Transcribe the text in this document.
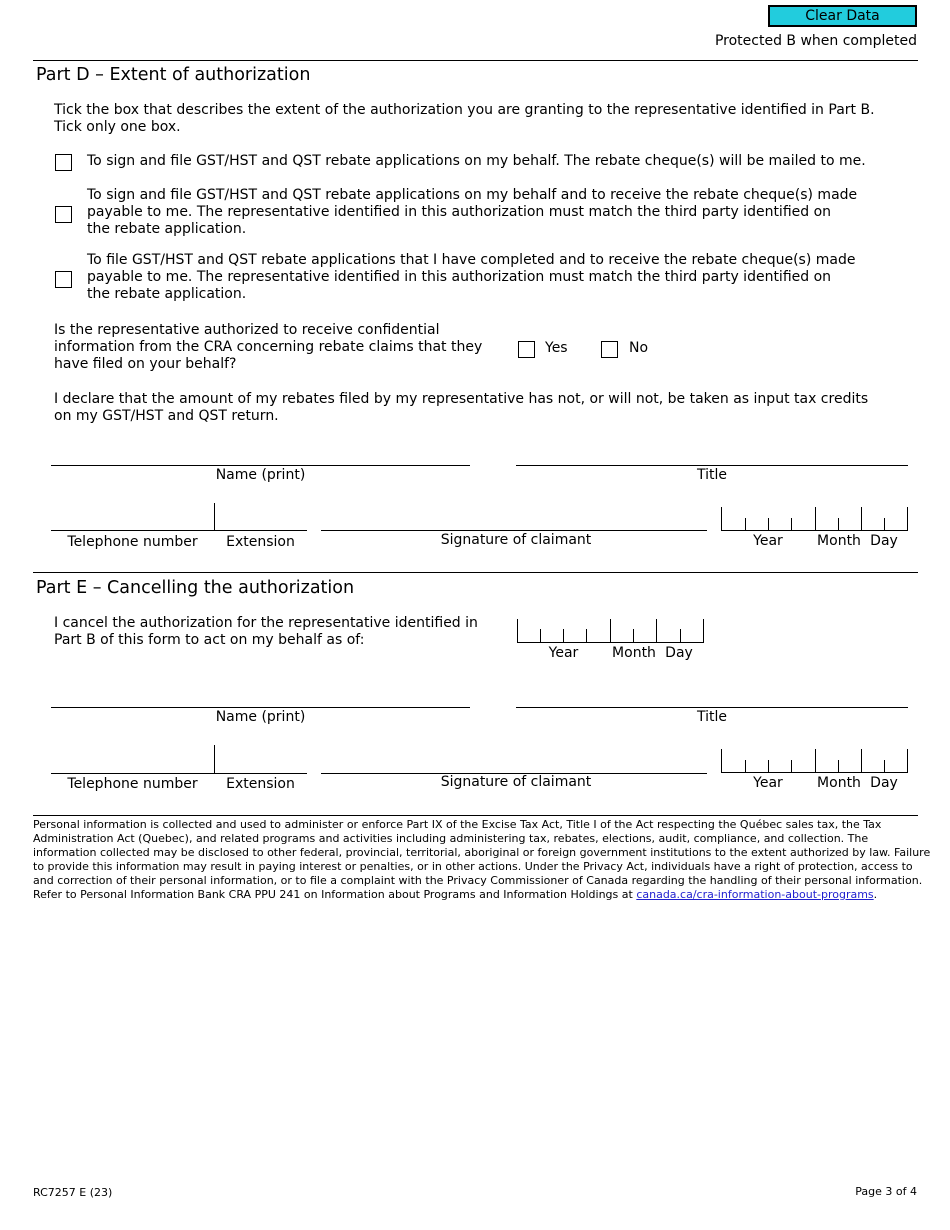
Clear Data
Protected B when completed
Part D – Extent of authorization
Tick the box that describes the extent of the authorization you are granting to the representative identified in Part B. Tick only one box.
To sign and file GST/HST and QST rebate applications on my behalf. The rebate cheque(s) will be mailed to me.
To sign and file GST/HST and QST rebate applications on my behalf and to receive the rebate cheque(s) made
payable to me. The representative identified in this authorization must match the third party identified on
the rebate application.
To file GST/HST and QST rebate applications that I have completed and to receive the rebate cheque(s) made
payable to me. The representative identified in this authorization must match the third party identified on
the rebate application.
Is the representative authorized to receive confidential
information from the CRA concerning rebate claims that they
have filed on your behalf?
Yes	No
I declare that the amount of my rebates filed by my representative has not, or will not, be taken as input tax credits
on my GST/HST and QST return.
Name (print)	Title
Telephone number	Extension	Signature of claimant	Year	Month Day
Part E – Cancelling the authorization
I cancel the authorization for the representative identified in
Part B of this form to act on my behalf as of:
Year	Month Day
Name (print)	Title
Telephone number	Extension	Signature of claimant	Year	Month Day
Personal information is collected and used to administer or enforce Part IX of the Excise Tax Act, Title I of the Act respecting the Québec sales tax, the Tax
Administration Act (Quebec), and related programs and activities including administering tax, rebates, elections, audit, compliance, and collection. The
information collected may be disclosed to other federal, provincial, territorial, aboriginal or foreign government institutions to the extent authorized by law. Failure
to provide this information may result in paying interest or penalties, or in other actions. Under the Privacy Act, individuals have a right of protection, access to
and correction of their personal information, or to file a complaint with the Privacy Commissioner of Canada regarding the handling of their personal information.
Refer to Personal Information Bank CRA PPU 241 on Information about Programs and Information Holdings at canada.ca/cra-information-about-programs.
RC7257 E (23)	Page 3 of 4
